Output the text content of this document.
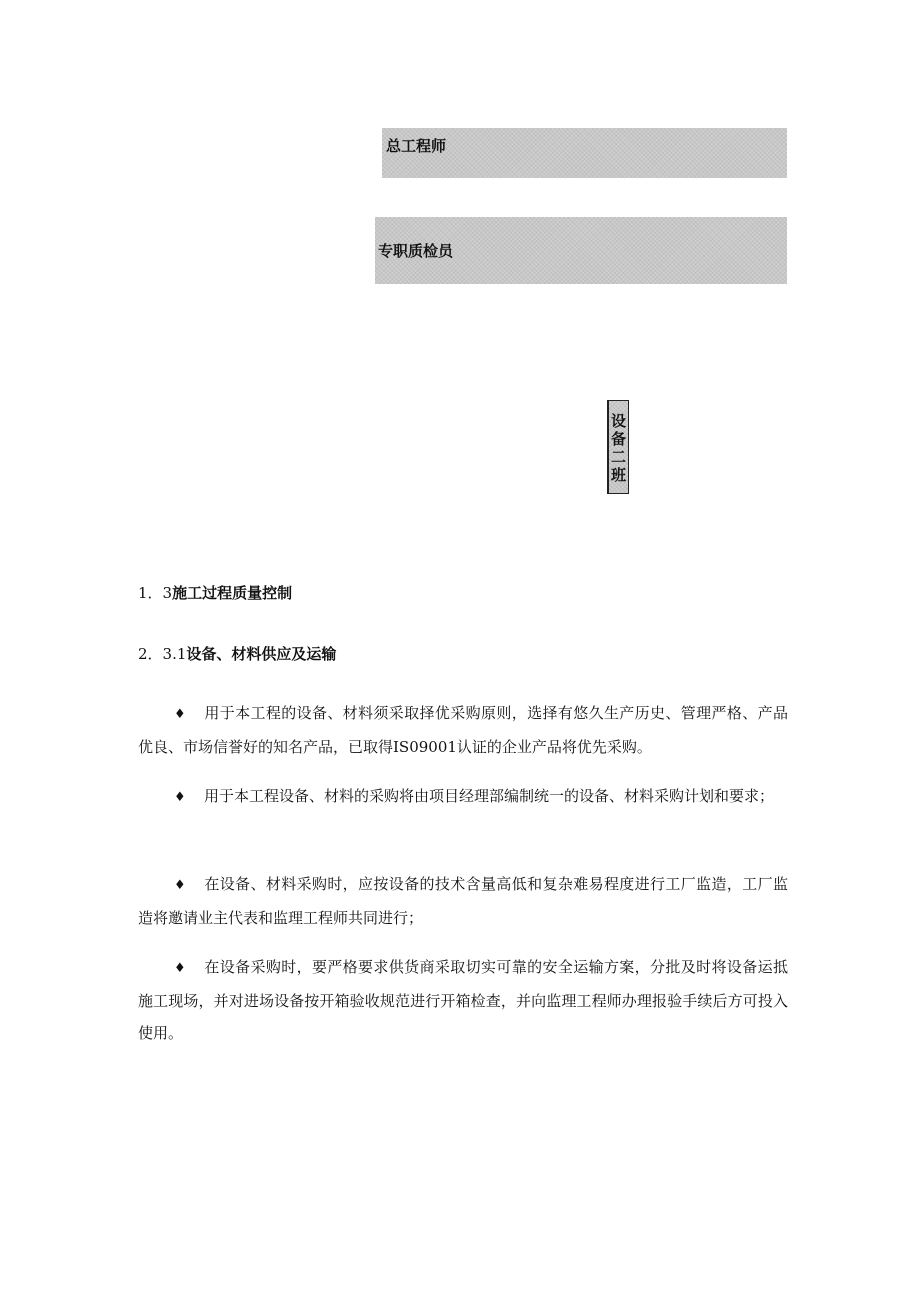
总工程师
专职质检员
设备二班
1．3施工过程质量控制
2．3.1设备、材料供应及运输

♦ 用于本工程的设备、材料须采取择优采购原则，选择有悠久生产历史、管理严格、产品优良、市场信誉好的知名产品，已取得IS09001认证的企业产品将优先采购。

♦ 用于本工程设备、材料的采购将由项目经理部编制统一的设备、材料采购计划和要求；

♦ 在设备、材料采购时，应按设备的技术含量高低和复杂难易程度进行工厂监造，工厂监造将邀请业主代表和监理工程师共同进行；

♦ 在设备采购时，要严格要求供货商采取切实可靠的安全运输方案，分批及时将设备运抵施工现场，并对进场设备按开箱验收规范进行开箱检查，并向监理工程师办理报验手续后方可投入使用。
